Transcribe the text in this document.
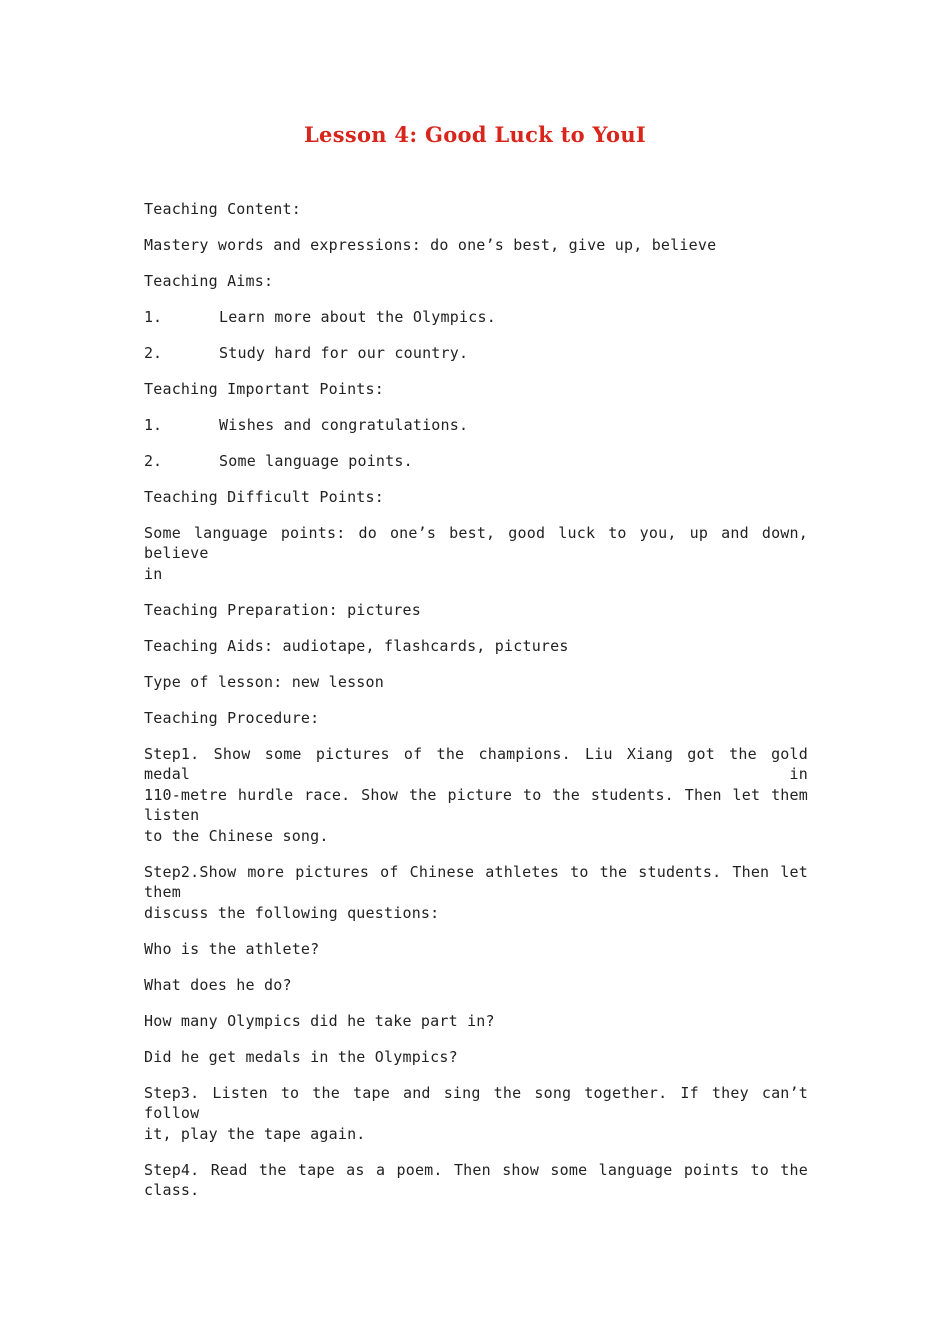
Lesson 4: Good Luck to YouI
Teaching Content:
Mastery words and expressions: do one’s best, give up, believe
Teaching Aims:
1.	Learn more about the Olympics.
2.	Study hard for our country.
Teaching Important Points:
1.	Wishes and congratulations.
2.	Some language points.
Teaching Difficult Points:
Some language points: do one’s best, good luck to you, up and down, believe
in
Teaching Preparation: pictures
Teaching Aids: audiotape, flashcards, pictures
Type of lesson: new lesson
Teaching Procedure:
Step1. Show some pictures of the champions. Liu Xiang got the gold medal in
110-metre hurdle race. Show the picture to the students. Then let them listen
to the Chinese song.
Step2.Show more pictures of Chinese athletes to the students. Then let them
discuss the following questions:
Who is the athlete?
What does he do?
How many Olympics did he take part in?
Did he get medals in the Olympics?
Step3. Listen to the tape and sing the song together. If they can’t follow
it, play the tape again.
Step4. Read the tape as a poem. Then show some language points to the class.
